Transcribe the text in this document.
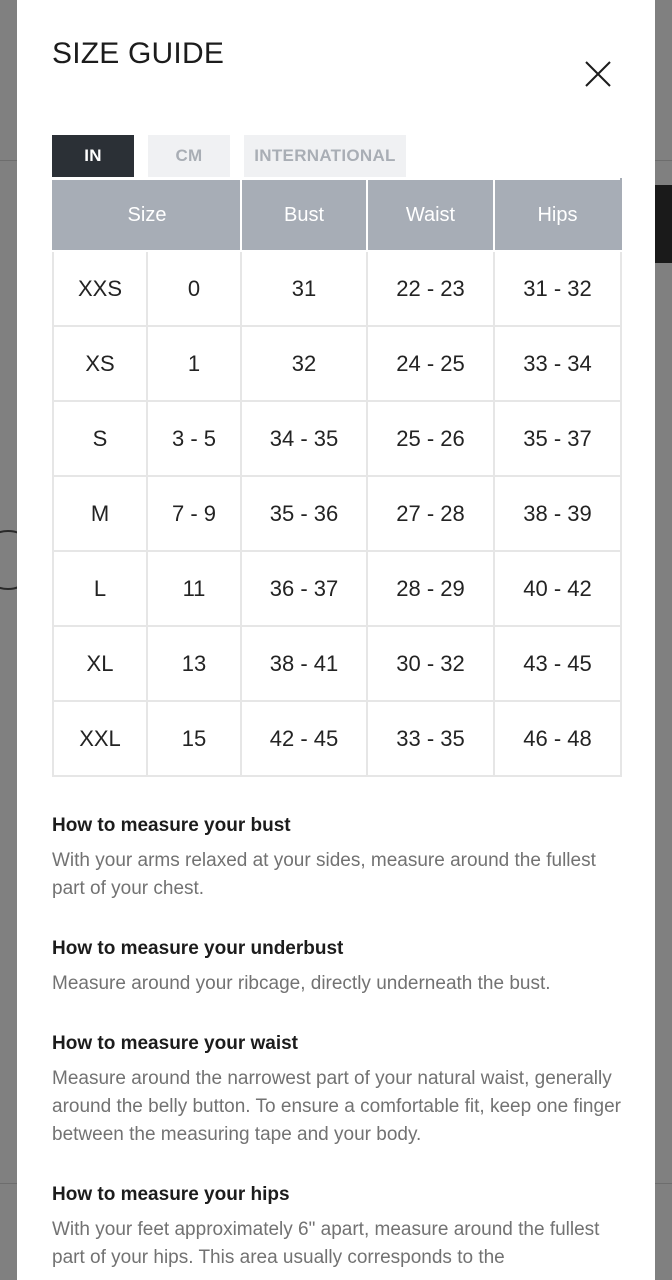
SIZE GUIDE
IN	CM	INTERNATIONAL
Size		Bust	Waist	Hips
XXS	0	31	22 - 23	31 - 32
XS	1	32	24 - 25	33 - 34
S	3 - 5	34 - 35	25 - 26	35 - 37
M	7 - 9	35 - 36	27 - 28	38 - 39
L	11	36 - 37	28 - 29	40 - 42
XL	13	38 - 41	30 - 32	43 - 45
XXL	15	42 - 45	33 - 35	46 - 48
How to measure your bust

With your arms relaxed at your sides, measure around the fullest part of your chest.

How to measure your underbust

Measure around your ribcage, directly underneath the bust.

How to measure your waist

Measure around the narrowest part of your natural waist, generally around the belly button. To ensure a comfortable fit, keep one finger between the measuring tape and your body.

How to measure your hips

With your feet approximately 6" apart, measure around the fullest part of your hips. This area usually corresponds to the
